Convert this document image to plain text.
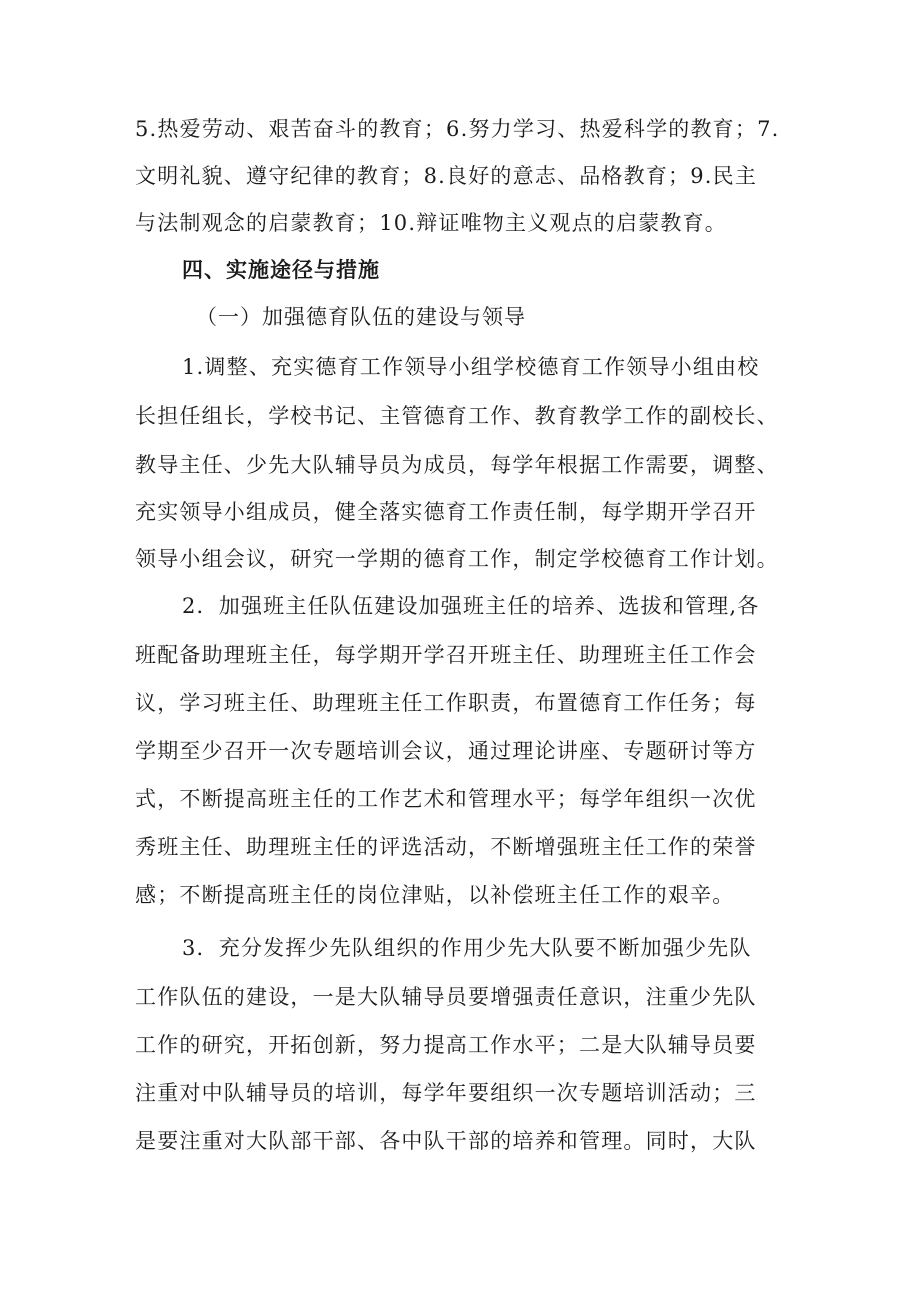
5.热爱劳动、艰苦奋斗的教育；6.努力学习、热爱科学的教育；7.
文明礼貌、遵守纪律的教育；8.良好的意志、品格教育；9.民主
与法制观念的启蒙教育；10.辩证唯物主义观点的启蒙教育。
四、实施途径与措施
（一）加强德育队伍的建设与领导
1.调整、充实德育工作领导小组学校德育工作领导小组由校
长担任组长，学校书记、主管德育工作、教育教学工作的副校长、
教导主任、少先大队辅导员为成员，每学年根据工作需要，调整、
充实领导小组成员，健全落实德育工作责任制，每学期开学召开
领导小组会议，研究一学期的德育工作，制定学校德育工作计划。
2．加强班主任队伍建设加强班主任的培养、选拔和管理,各
班配备助理班主任，每学期开学召开班主任、助理班主任工作会
议，学习班主任、助理班主任工作职责，布置德育工作任务；每
学期至少召开一次专题培训会议，通过理论讲座、专题研讨等方
式，不断提高班主任的工作艺术和管理水平；每学年组织一次优
秀班主任、助理班主任的评选活动，不断增强班主任工作的荣誉
感；不断提高班主任的岗位津贴，以补偿班主任工作的艰辛。
3．充分发挥少先队组织的作用少先大队要不断加强少先队
工作队伍的建设，一是大队辅导员要增强责任意识，注重少先队
工作的研究，开拓创新，努力提高工作水平；二是大队辅导员要
注重对中队辅导员的培训，每学年要组织一次专题培训活动；三
是要注重对大队部干部、各中队干部的培养和管理。同时，大队
